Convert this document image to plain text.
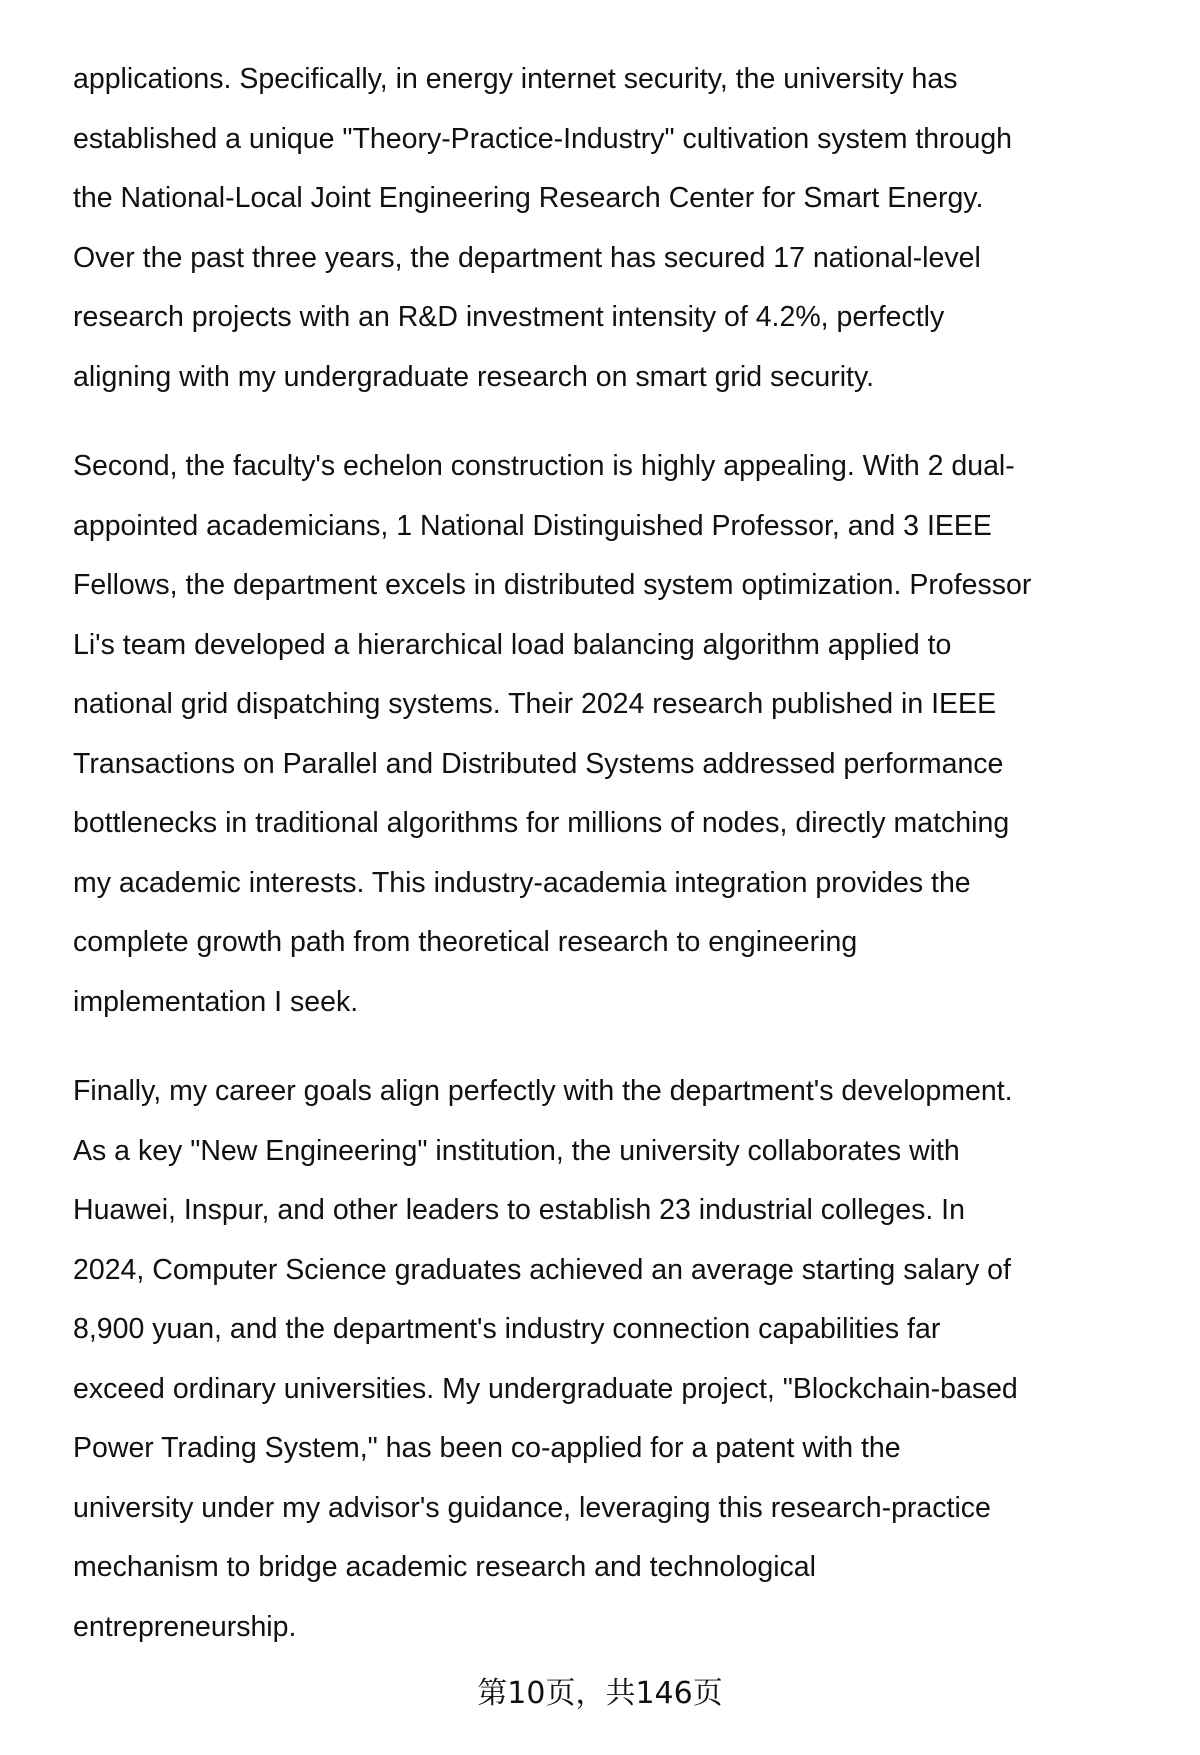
applications. Specifically, in energy internet security, the university has
established a unique "Theory-Practice-Industry" cultivation system through
the National-Local Joint Engineering Research Center for Smart Energy.
Over the past three years, the department has secured 17 national-level
research projects with an R&D investment intensity of 4.2%, perfectly
aligning with my undergraduate research on smart grid security.
Second, the faculty's echelon construction is highly appealing. With 2 dual-
appointed academicians, 1 National Distinguished Professor, and 3 IEEE
Fellows, the department excels in distributed system optimization. Professor
Li's team developed a hierarchical load balancing algorithm applied to
national grid dispatching systems. Their 2024 research published in IEEE
Transactions on Parallel and Distributed Systems addressed performance
bottlenecks in traditional algorithms for millions of nodes, directly matching
my academic interests. This industry-academia integration provides the
complete growth path from theoretical research to engineering
implementation I seek.
Finally, my career goals align perfectly with the department's development.
As a key "New Engineering" institution, the university collaborates with
Huawei, Inspur, and other leaders to establish 23 industrial colleges. In
2024, Computer Science graduates achieved an average starting salary of
8,900 yuan, and the department's industry connection capabilities far
exceed ordinary universities. My undergraduate project, "Blockchain-based
Power Trading System," has been co-applied for a patent with the
university under my advisor's guidance, leveraging this research-practice
mechanism to bridge academic research and technological
entrepreneurship.
第10页，共146页
